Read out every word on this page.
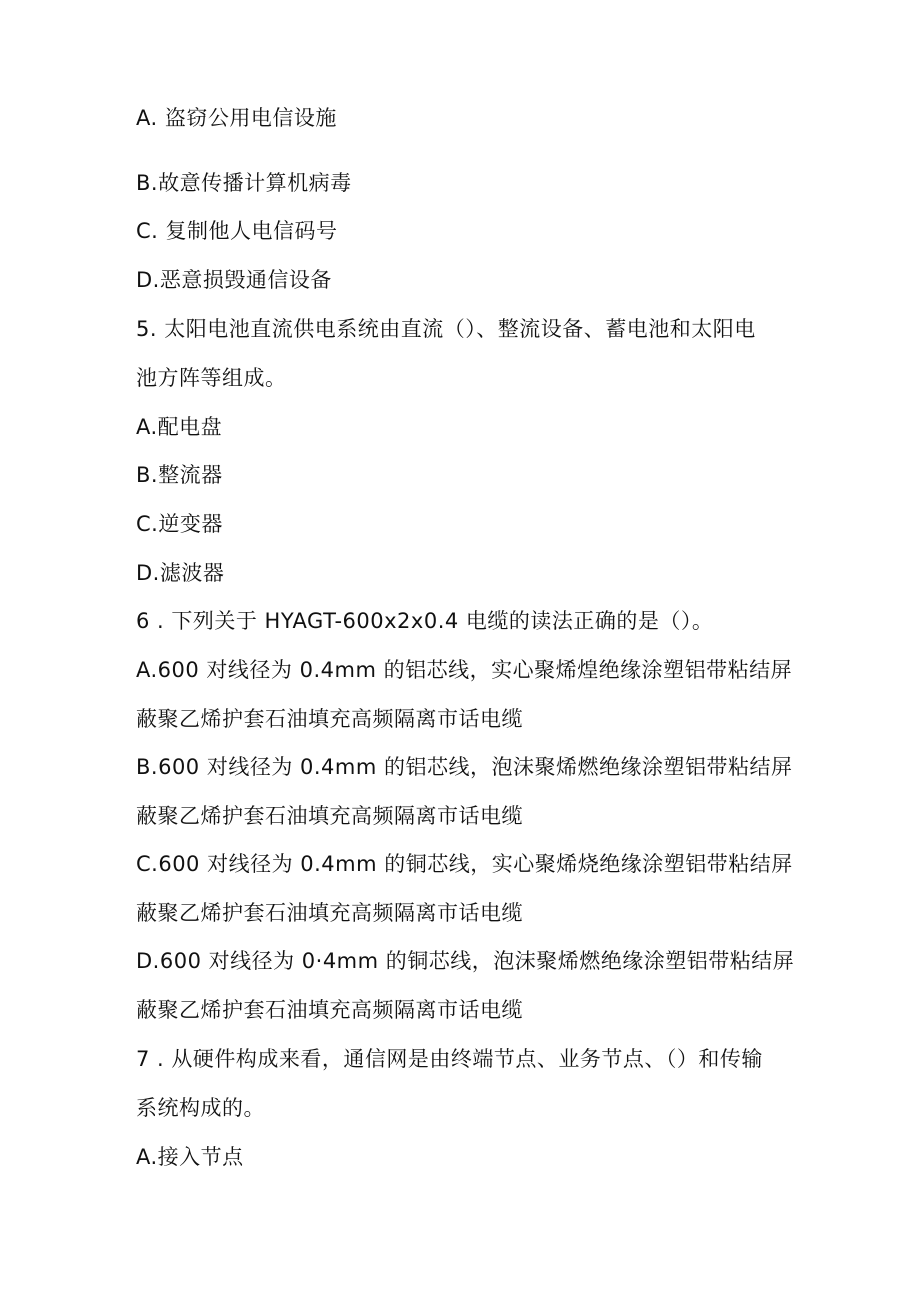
A. 盗窃公用电信设施
B.故意传播计算机病毒
C. 复制他人电信码号
D.恶意损毁通信设备
5. 太阳电池直流供电系统由直流（）、整流设备、蓄电池和太阳电
池方阵等组成。
A.配电盘
B.整流器
C.逆变器
D.滤波器
6 . 下列关于 HYAGT-600x2x0.4 电缆的读法正确的是（）。
A.600 对线径为 0.4mm 的铝芯线，实心聚烯煌绝缘涂塑铝带粘结屏
蔽聚乙烯护套石油填充高频隔离市话电缆
B.600 对线径为 0.4mm 的铝芯线，泡沫聚烯燃绝缘涂塑铝带粘结屏
蔽聚乙烯护套石油填充高频隔离市话电缆
C.600 对线径为 0.4mm 的铜芯线，实心聚烯烧绝缘涂塑铝带粘结屏
蔽聚乙烯护套石油填充高频隔离市话电缆
D.600 对线径为 0·4mm 的铜芯线，泡沫聚烯燃绝缘涂塑铝带粘结屏
蔽聚乙烯护套石油填充高频隔离市话电缆
7 . 从硬件构成来看，通信网是由终端节点、业务节点、（）和传输
系统构成的。
A.接入节点
